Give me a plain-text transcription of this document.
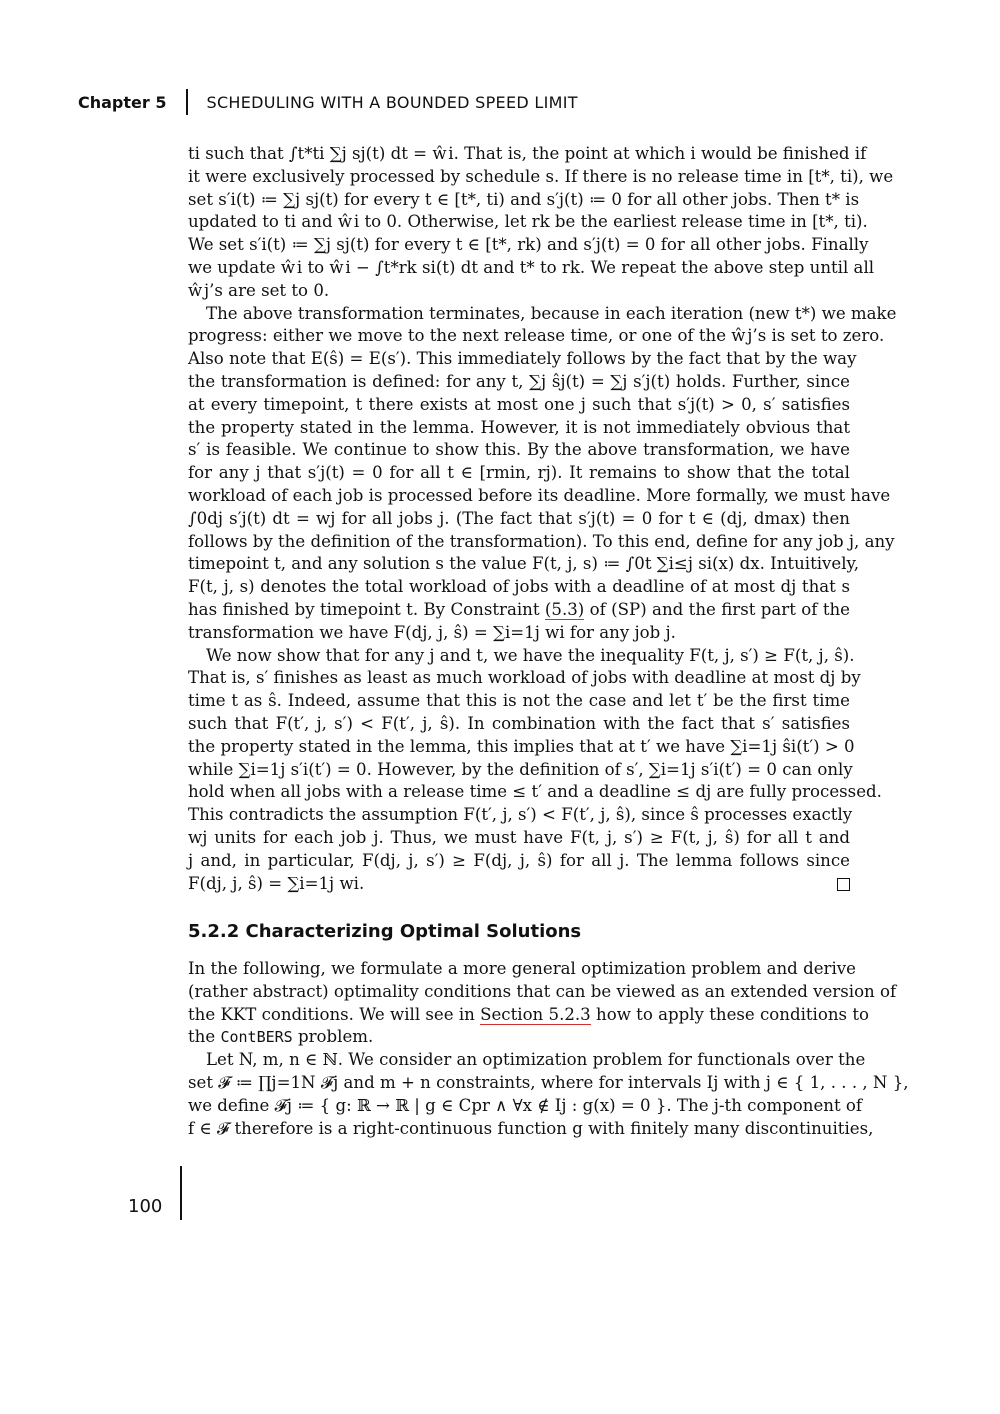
Chapter 5	SCHEDULING WITH A BOUNDED SPEED LIMIT

ti such that ∫t*ti ∑j sj(t) dt = ŵi. That is, the point at which i would be finished if

it were exclusively processed by schedule s. If there is no release time in [t*, ti), we

set s′i(t) ≔ ∑j sj(t) for every t ∈ [t*, ti) and s′j(t) ≔ 0 for all other jobs. Then t* is

updated to ti and ŵi to 0. Otherwise, let rk be the earliest release time in [t*, ti).

We set s′i(t) ≔ ∑j sj(t) for every t ∈ [t*, rk) and s′j(t) = 0 for all other jobs. Finally

we update ŵi to ŵi − ∫t*rk si(t) dt and t* to rk. We repeat the above step until all

ŵj’s are set to 0.

The above transformation terminates, because in each iteration (new t*) we make

progress: either we move to the next release time, or one of the ŵj’s is set to zero.

Also note that E(ŝ) = E(s′). This immediately follows by the fact that by the way

the transformation is defined: for any t, ∑j ŝj(t) = ∑j s′j(t) holds. Further, since

at every timepoint, t there exists at most one j such that s′j(t) > 0, s′ satisfies

the property stated in the lemma. However, it is not immediately obvious that

s′ is feasible. We continue to show this. By the above transformation, we have

for any j that s′j(t) = 0 for all t ∈ [rmin, rj). It remains to show that the total

workload of each job is processed before its deadline. More formally, we must have

∫0dj s′j(t) dt = wj for all jobs j. (The fact that s′j(t) = 0 for t ∈ (dj, dmax) then

follows by the definition of the transformation). To this end, define for any job j, any

timepoint t, and any solution s the value F(t, j, s) ≔ ∫0t ∑i≤j si(x) dx. Intuitively,

F(t, j, s) denotes the total workload of jobs with a deadline of at most dj that s

has finished by timepoint t. By Constraint (5.3) of (SP) and the first part of the

transformation we have F(dj, j, ŝ) = ∑i=1j wi for any job j.

We now show that for any j and t, we have the inequality F(t, j, s′) ≥ F(t, j, ŝ).

That is, s′ finishes as least as much workload of jobs with deadline at most dj by

time t as ŝ. Indeed, assume that this is not the case and let t′ be the first time

such that F(t′, j, s′) < F(t′, j, ŝ). In combination with the fact that s′ satisfies

the property stated in the lemma, this implies that at t′ we have ∑i=1j ŝi(t′) > 0

while ∑i=1j s′i(t′) = 0. However, by the definition of s′, ∑i=1j s′i(t′) = 0 can only

hold when all jobs with a release time ≤ t′ and a deadline ≤ dj are fully processed.

This contradicts the assumption F(t′, j, s′) < F(t′, j, ŝ), since ŝ processes exactly

wj units for each job j. Thus, we must have F(t, j, s′) ≥ F(t, j, ŝ) for all t and

j and, in particular, F(dj, j, s′) ≥ F(dj, j, ŝ) for all j. The lemma follows since

F(dj, j, ŝ) = ∑i=1j wi.
5.2.2 Characterizing Optimal Solutions

In the following, we formulate a more general optimization problem and derive

(rather abstract) optimality conditions that can be viewed as an extended version of

the KKT conditions. We will see in Section 5.2.3 how to apply these conditions to

the ContBERS problem.

Let N, m, n ∈ ℕ. We consider an optimization problem for functionals over the

set 𝓕 ≔ ∏j=1N 𝓕j and m + n constraints, where for intervals Ij with j ∈ { 1, . . . , N },

we define 𝓕j ≔ { g: ℝ → ℝ | g ∈ Cpr ∧ ∀x ∉ Ij : g(x) = 0 }. The j-th component of

f ∈ 𝓕 therefore is a right-continuous function g with finitely many discontinuities,

100
